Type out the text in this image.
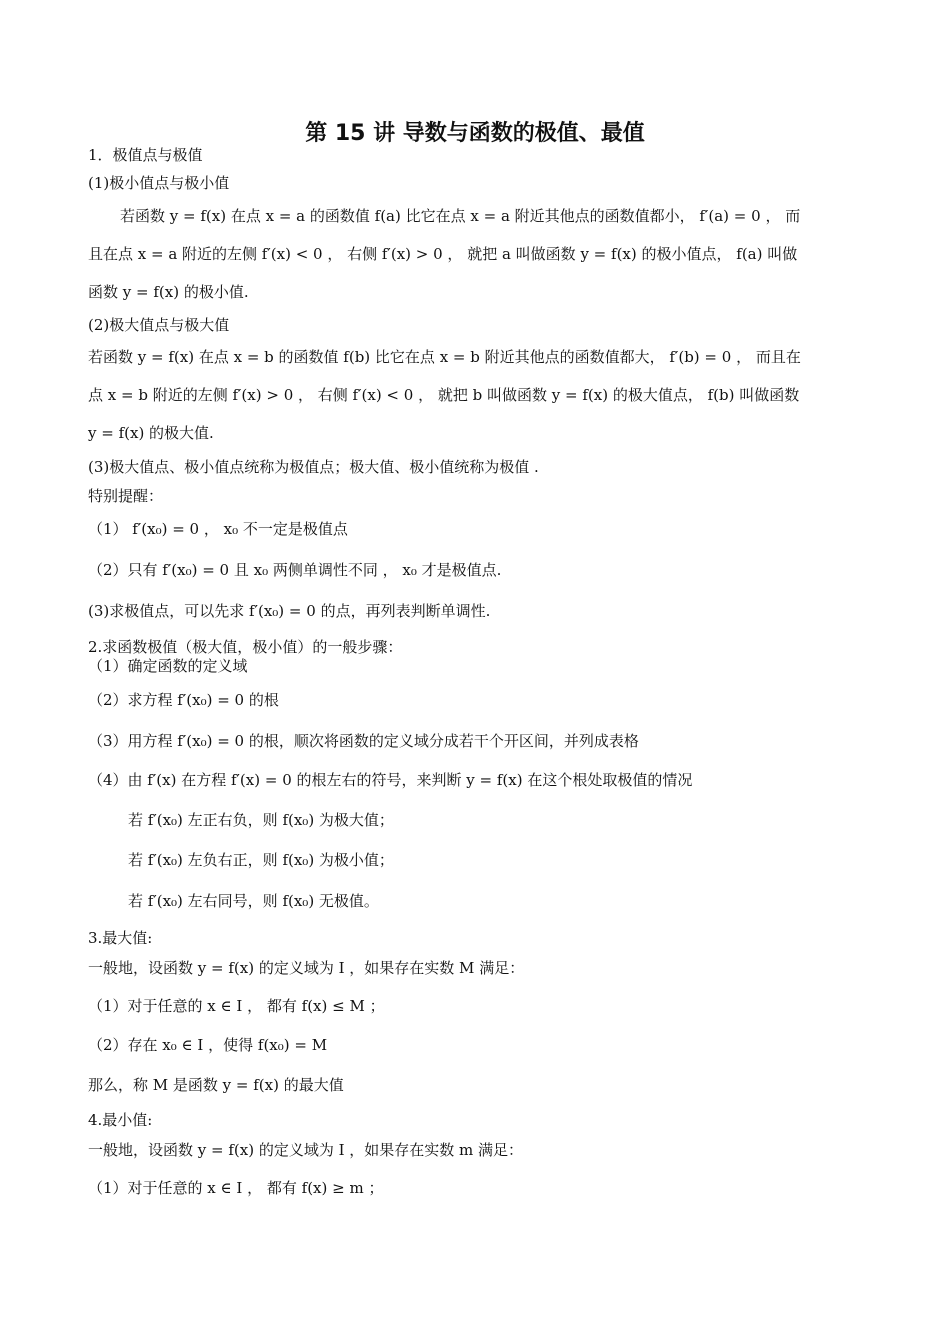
第 15 讲 导数与函数的极值、最值
1．极值点与极值
(1)极小值点与极小值
若函数 y = f(x) 在点 x = a 的函数值 f(a) 比它在点 x = a 附近其他点的函数值都小， f′(a) = 0 ， 而
且在点 x = a 附近的左侧 f′(x) < 0 ， 右侧 f′(x) > 0 ， 就把 a 叫做函数 y = f(x) 的极小值点， f(a) 叫做
函数 y = f(x) 的极小值.
(2)极大值点与极大值
若函数 y = f(x) 在点 x = b 的函数值 f(b) 比它在点 x = b 附近其他点的函数值都大， f′(b) = 0 ， 而且在
点 x = b 附近的左侧 f′(x) > 0 ， 右侧 f′(x) < 0 ， 就把 b 叫做函数 y = f(x) 的极大值点， f(b) 叫做函数
y = f(x) 的极大值.
(3)极大值点、极小值点统称为极值点；极大值、极小值统称为极值 .
特别提醒：
（1） f′(x₀) = 0 ， x₀ 不一定是极值点
（2）只有 f′(x₀) = 0 且 x₀ 两侧单调性不同 ， x₀ 才是极值点.
(3)求极值点，可以先求 f′(x₀) = 0 的点，再列表判断单调性.
2.求函数极值（极大值，极小值）的一般步骤：
（1）确定函数的定义域
（2）求方程 f′(x₀) = 0 的根
（3）用方程 f′(x₀) = 0 的根，顺次将函数的定义域分成若干个开区间，并列成表格
（4）由 f′(x) 在方程 f′(x) = 0 的根左右的符号，来判断 y = f(x) 在这个根处取极值的情况
若 f′(x₀) 左正右负，则 f(x₀) 为极大值；
若 f′(x₀) 左负右正，则 f(x₀) 为极小值；
若 f′(x₀) 左右同号，则 f(x₀) 无极值。
3.最大值:
一般地，设函数 y = f(x) 的定义域为 I ，如果存在实数 M 满足：
（1）对于任意的 x ∈ I ， 都有 f(x) ≤ M ；
（2）存在 x₀ ∈ I ，使得 f(x₀) = M
那么，称 M 是函数 y = f(x) 的最大值
4.最小值:
一般地，设函数 y = f(x) 的定义域为 I ，如果存在实数 m 满足：
（1）对于任意的 x ∈ I ， 都有 f(x) ≥ m ；
